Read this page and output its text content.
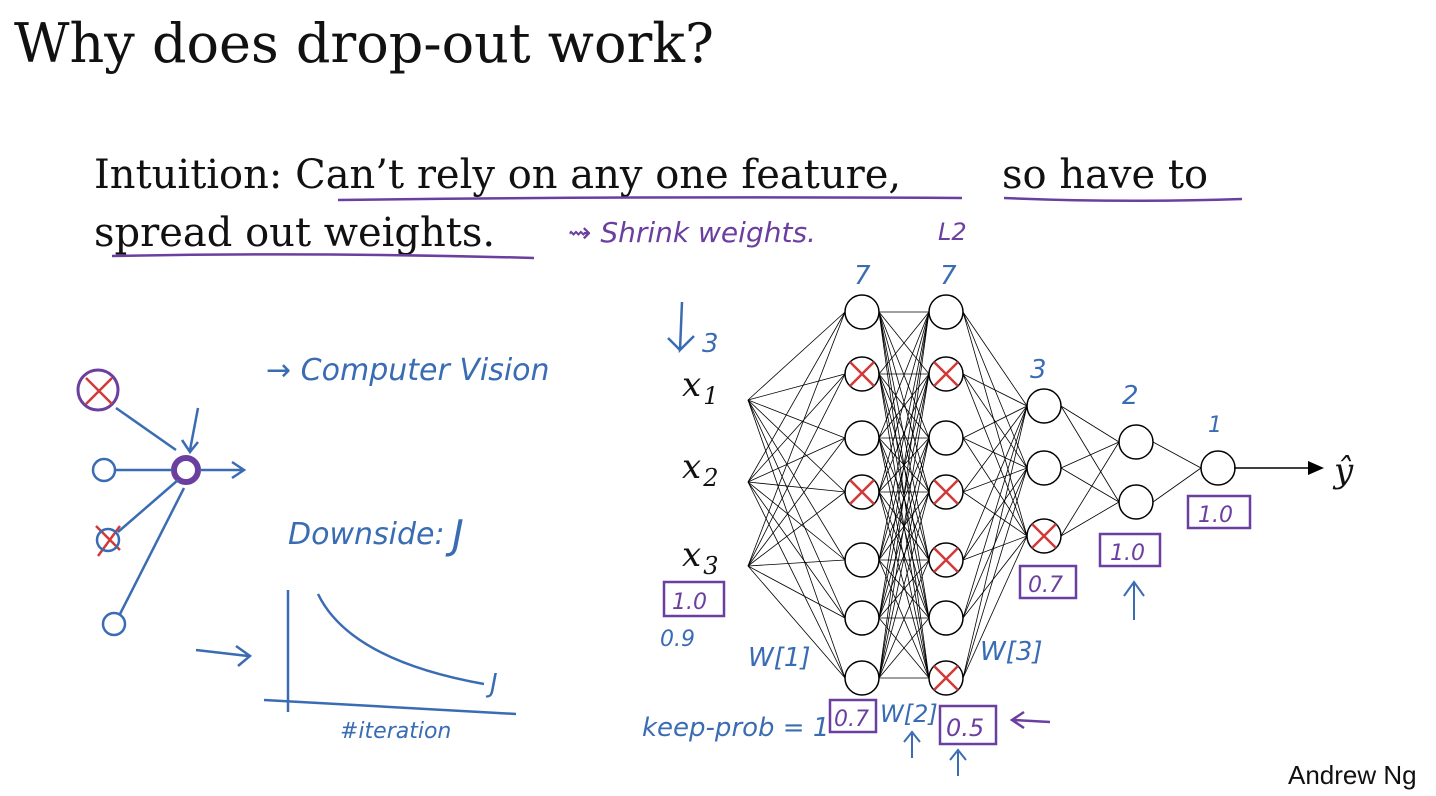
Why does drop-out work?
Intuition: Can’t rely on any one feature,	so have to
spread out weights.	⇝ Shrink weights.	L2
→ Computer Vision
Downside: J
J
#iteration
$x_1$
$x_2$
$x_3$
ŷ
7	7
3
2
1
3
1.0
0.9
0.7	0.5
0.7
1.0
1.0
W[1]
W[2]
W[3]
keep-prob = 1
Andrew Ng
